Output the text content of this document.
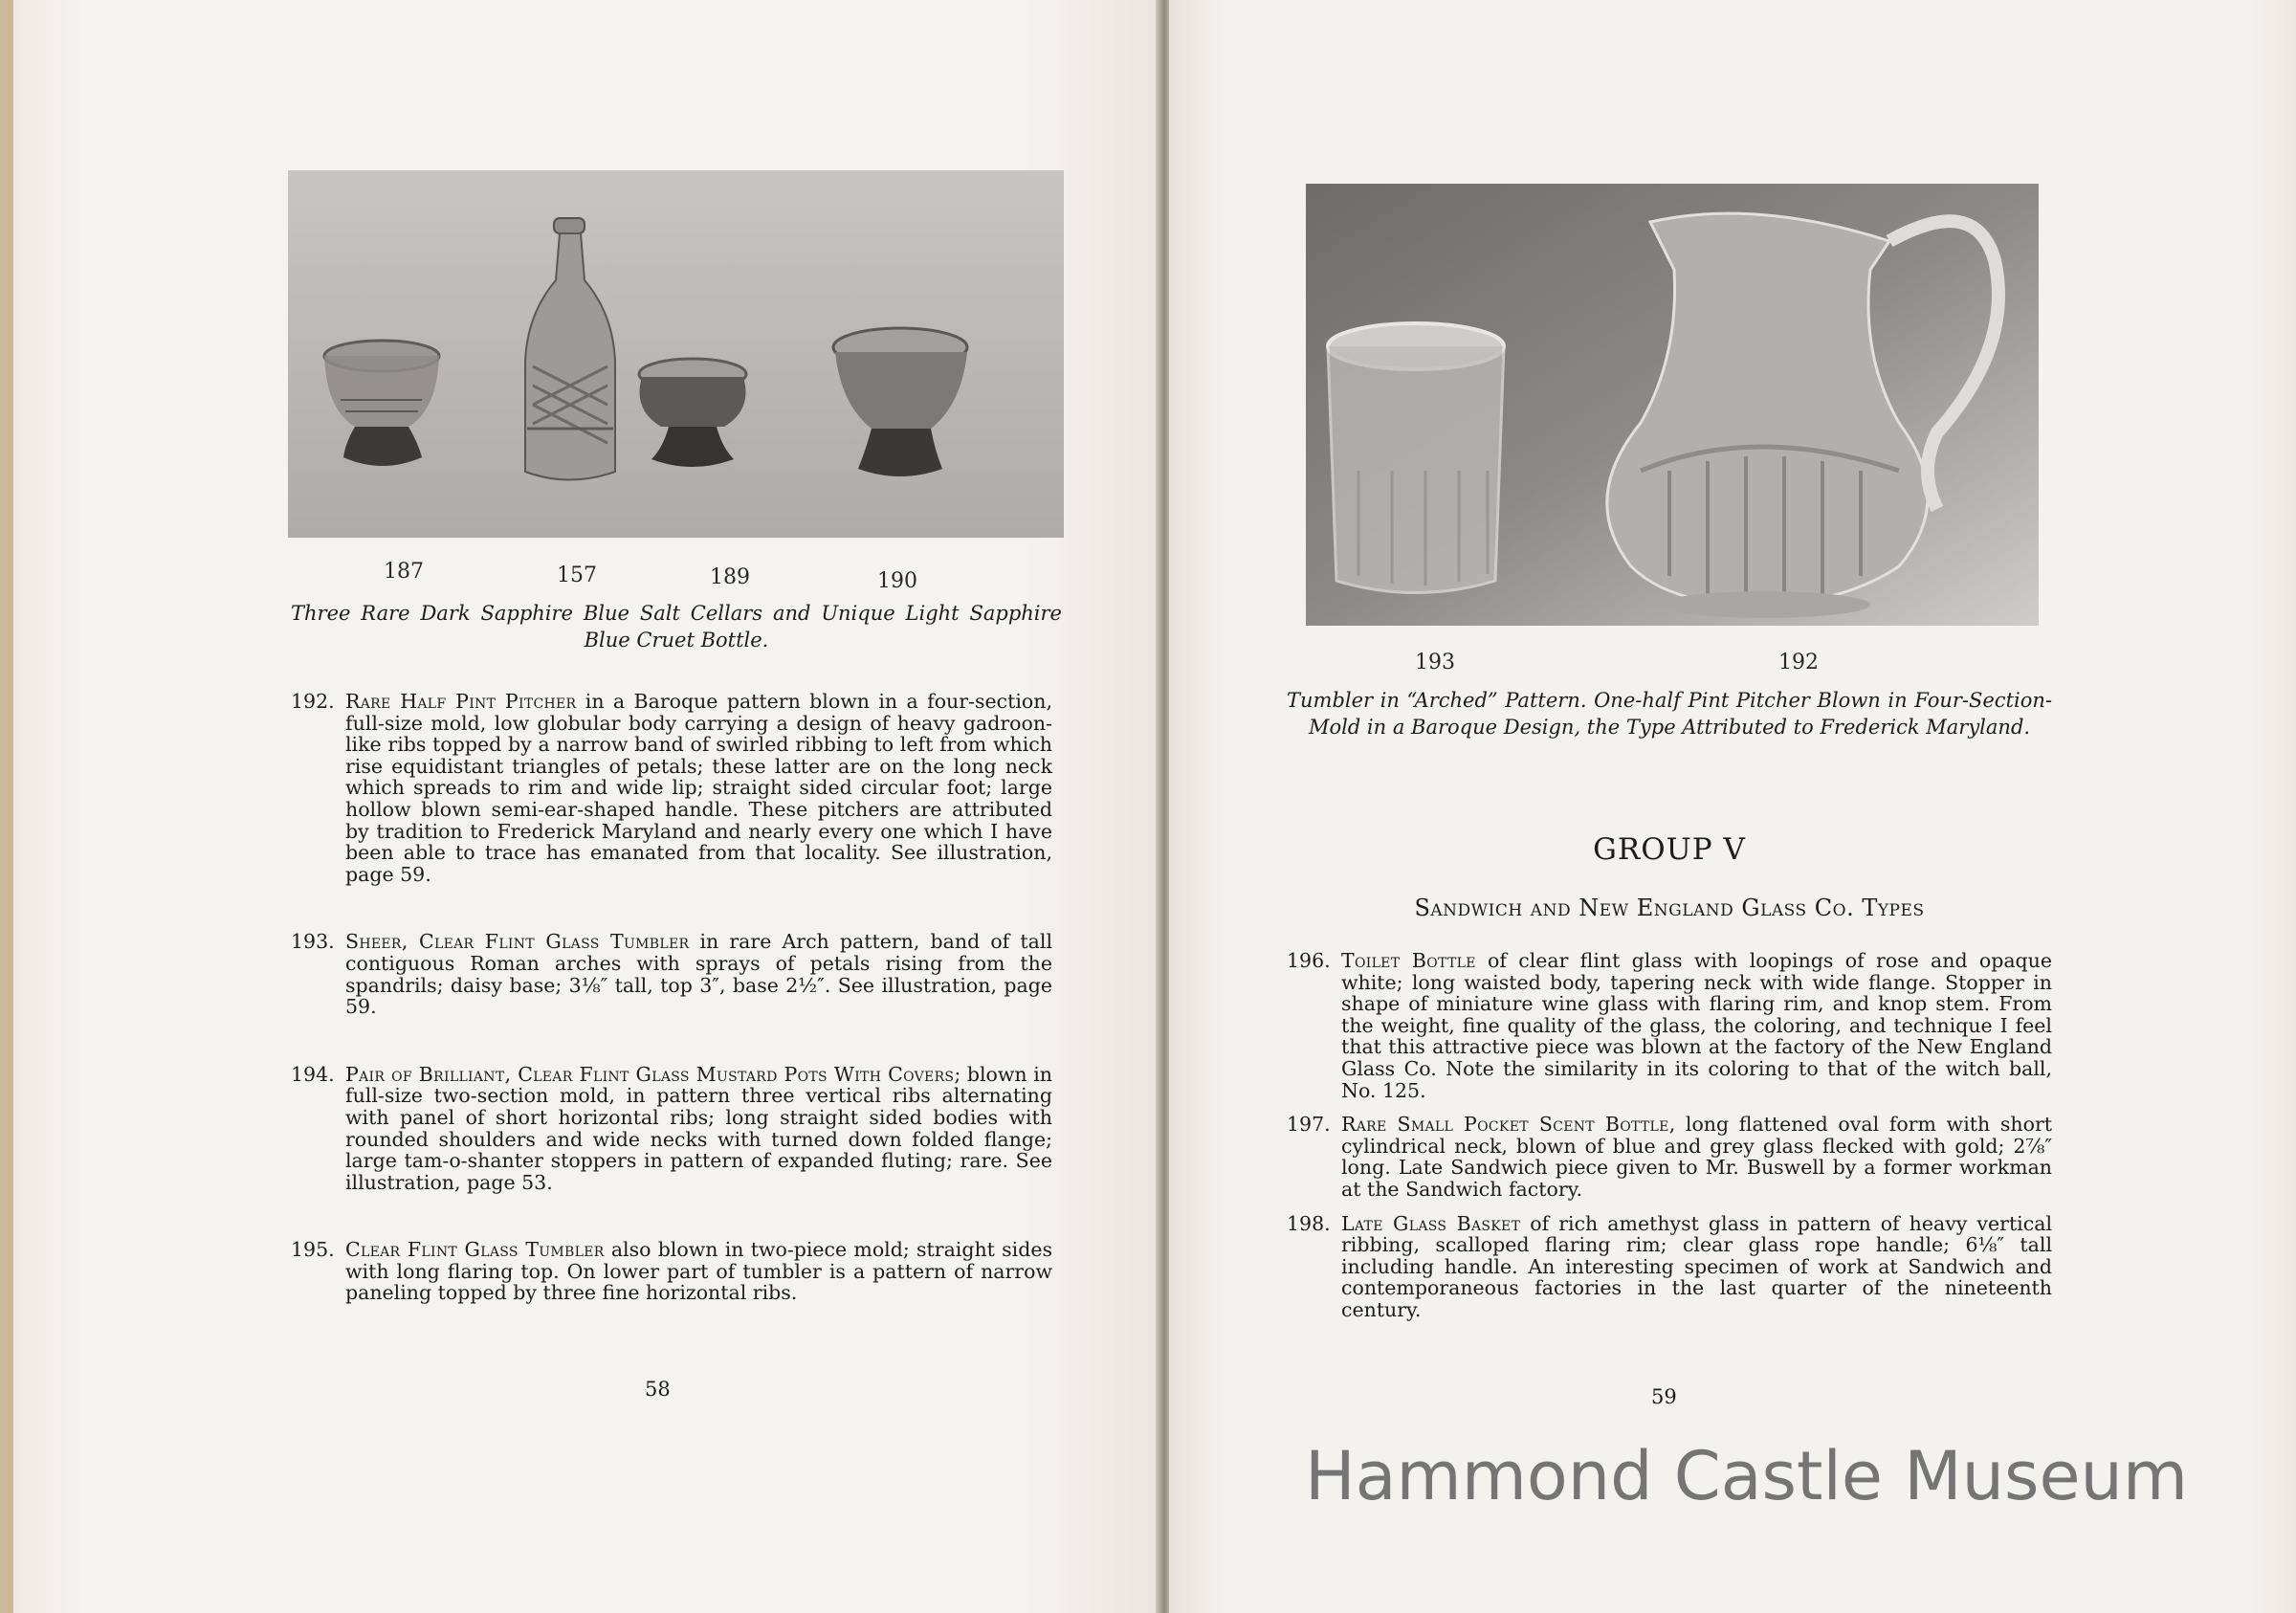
187	157	189	190
Three Rare Dark Sapphire Blue Salt Cellars and Unique Light Sapphire Blue Cruet Bottle.
192. Rare Half Pint Pitcher in a Baroque pattern blown in a four-section, full-size mold, low globular body carrying a design of heavy gadroon-like ribs topped by a narrow band of swirled ribbing to left from which rise equidistant triangles of petals; these latter are on the long neck which spreads to rim and wide lip; straight sided circular foot; large hollow blown semi-ear-shaped handle. These pitchers are attributed by tradition to Frederick Maryland and nearly every one which I have been able to trace has emanated from that locality. See illustration, page 59.
193. Sheer, Clear Flint Glass Tumbler in rare Arch pattern, band of tall contiguous Roman arches with sprays of petals rising from the spandrils; daisy base; 3⅛″ tall, top 3″, base 2½″. See illustration, page 59.
194. Pair of Brilliant, Clear Flint Glass Mustard Pots With Covers; blown in full-size two-section mold, in pattern three vertical ribs alternating with panel of short horizontal ribs; long straight sided bodies with rounded shoulders and wide necks with turned down folded flange; large tam-o-shanter stoppers in pattern of expanded fluting; rare. See illustration, page 53.
195. Clear Flint Glass Tumbler also blown in two-piece mold; straight sides with long flaring top. On lower part of tumbler is a pattern of narrow paneling topped by three fine horizontal ribs.
58
193	192
Tumbler in “Arched” Pattern. One-half Pint Pitcher Blown in Four-Section-Mold in a Baroque Design, the Type Attributed to Frederick Maryland.
GROUP V
Sandwich and New England Glass Co. Types
196. Toilet Bottle of clear flint glass with loopings of rose and opaque white; long waisted body, tapering neck with wide flange. Stopper in shape of miniature wine glass with flaring rim, and knop stem. From the weight, fine quality of the glass, the coloring, and technique I feel that this attractive piece was blown at the factory of the New England Glass Co. Note the similarity in its coloring to that of the witch ball, No. 125.
197. Rare Small Pocket Scent Bottle, long flattened oval form with short cylindrical neck, blown of blue and grey glass flecked with gold; 2⅞″ long. Late Sandwich piece given to Mr. Buswell by a former workman at the Sandwich factory.
198. Late Glass Basket of rich amethyst glass in pattern of heavy vertical ribbing, scalloped flaring rim; clear glass rope handle; 6⅛″ tall including handle. An interesting specimen of work at Sandwich and contemporaneous factories in the last quarter of the nineteenth century.
59
Hammond Castle Museum
